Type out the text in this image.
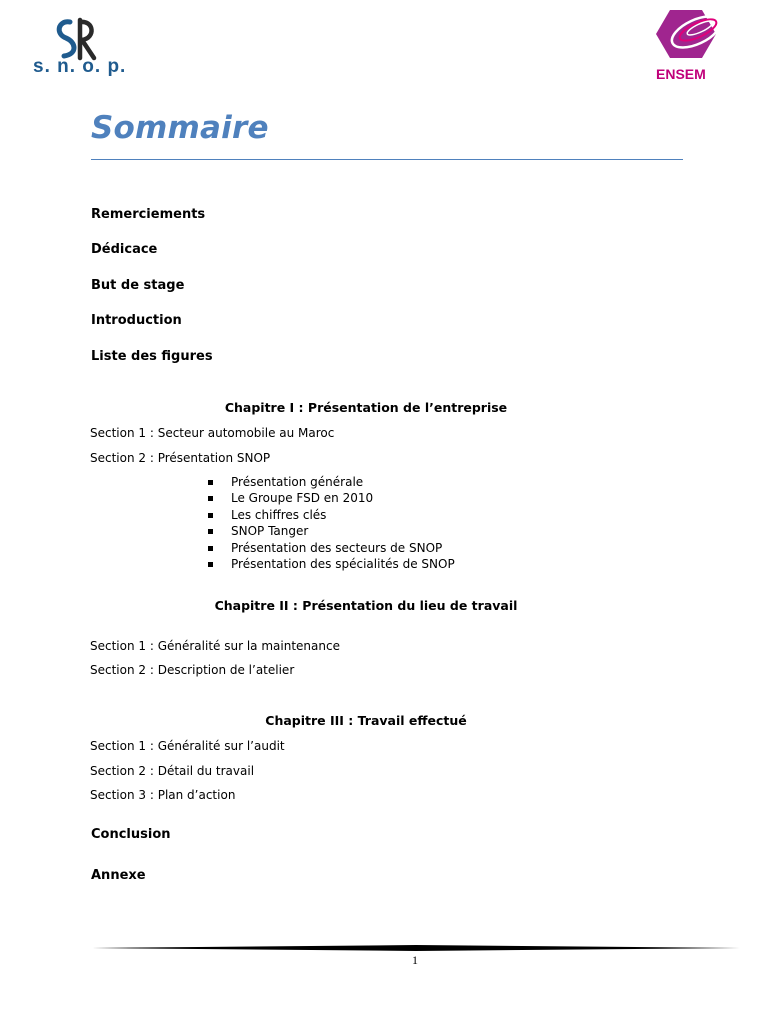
s. n. o. p.	ENSEM
Sommaire
Remerciements
Dédicace
But de stage
Introduction
Liste des figures
Chapitre I : Présentation de l’entreprise
Section 1 : Secteur automobile au Maroc
Section 2 : Présentation SNOP
Présentation générale
Le Groupe FSD en 2010
Les chiffres clés
SNOP Tanger
Présentation des secteurs de SNOP
Présentation des spécialités de SNOP
Chapitre II : Présentation du lieu de travail
Section 1 : Généralité sur la maintenance
Section 2 : Description de l’atelier
Chapitre III : Travail effectué
Section 1 : Généralité sur l’audit
Section 2 : Détail du travail
Section 3 : Plan d’action
Conclusion
Annexe
1
